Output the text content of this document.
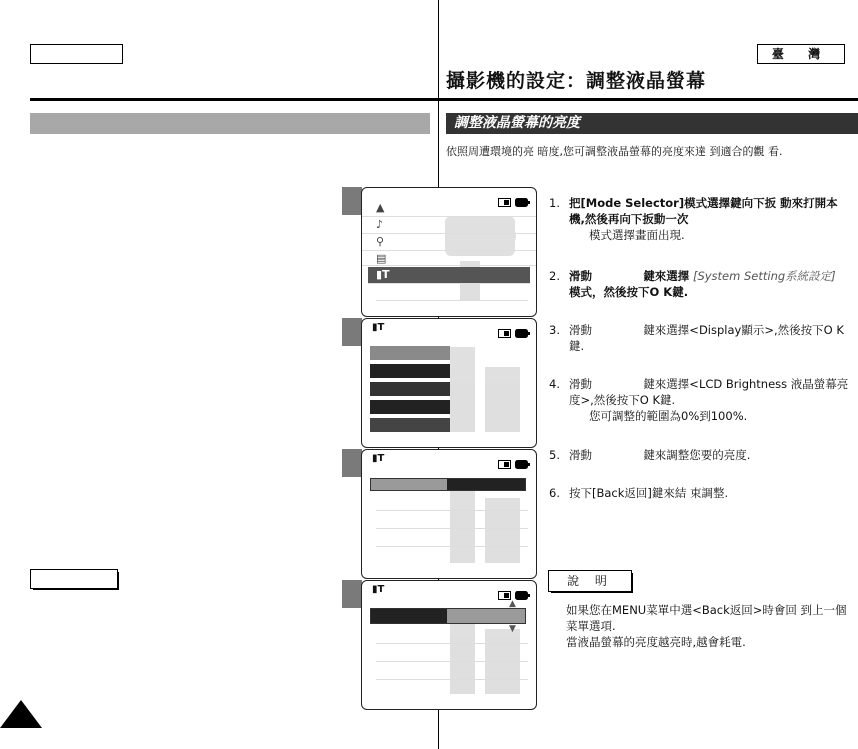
臺 灣
攝影機的設定：調整液晶螢幕
調整液晶螢幕的亮度
依照周遭環境的亮 暗度,您可調整液晶螢幕的亮度來達 到適合的觀 看.
▲
♪
⚲
▤
▮T
▮T
▮T
▮T
▲
▼
1. 把[Mode Selector]模式選擇鍵向下扳 動來打開本機,然後再向下扳動一次
模式選擇畫面出現.
2. 滑動	鍵來選擇 [System Setting系統設定] 模式，然後按下O K鍵.
3. 滑動	鍵來選擇<Display顯示>,然後按下O K鍵.
4. 滑動	鍵來選擇<LCD Brightness 液晶螢幕亮度>,然後按下O K鍵.
您可調整的範圍為0%到100%.
5. 滑動	鍵來調整您要的亮度.
6. 按下[Back返回]鍵來結 束調整.
說 明
如果您在MENU菜單中選<Back返回>時會回 到上一個菜單選項.
當液晶螢幕的亮度越亮時,越會耗電.
